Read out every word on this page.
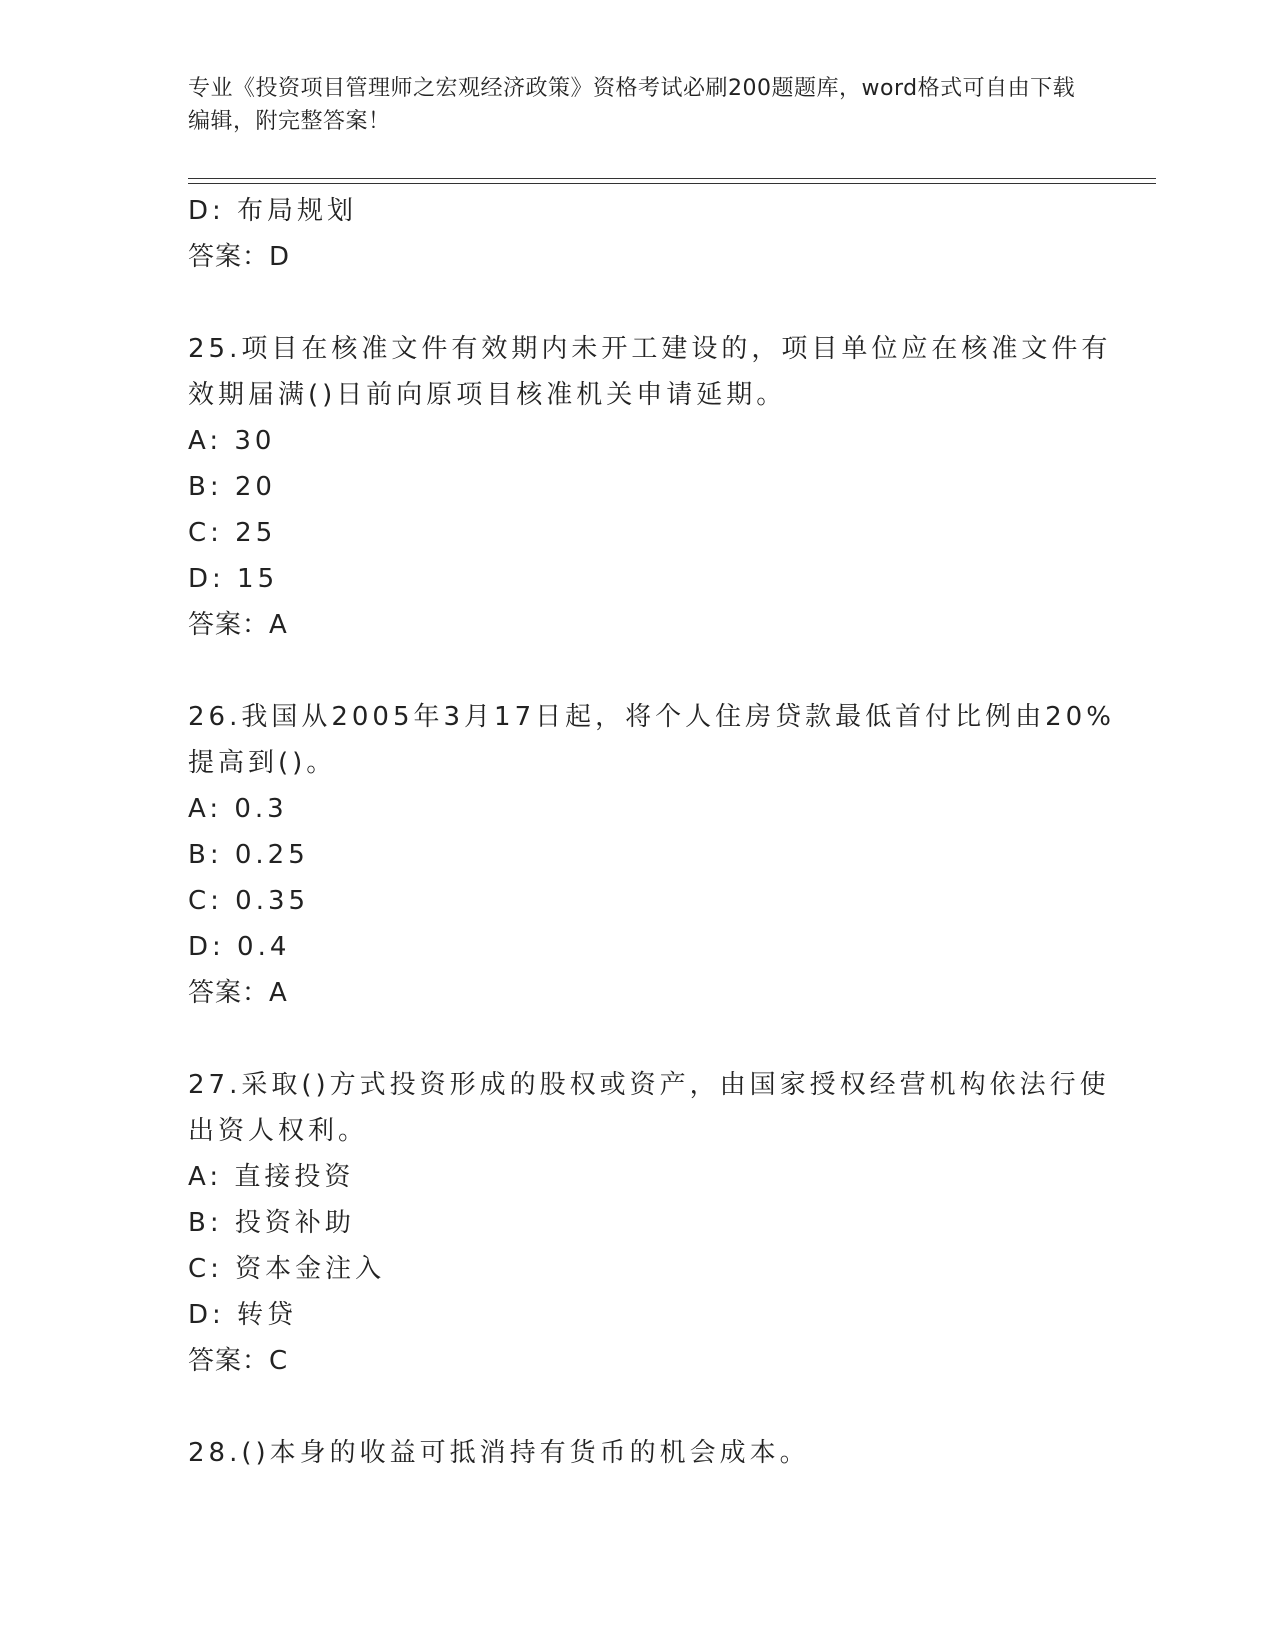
专业《投资项目管理师之宏观经济政策》资格考试必刷200题题库，word格式可自由下载编辑，附完整答案！
D: 布局规划
答案：D
25.项目在核准文件有效期内未开工建设的，项目单位应在核准文件有
效期届满()日前向原项目核准机关申请延期。
A: 30
B: 20
C: 25
D: 15
答案：A
26.我国从2005年3月17日起，将个人住房贷款最低首付比例由20%
提高到()。
A: 0.3
B: 0.25
C: 0.35
D: 0.4
答案：A
27.采取()方式投资形成的股权或资产，由国家授权经营机构依法行使
出资人权利。
A: 直接投资
B: 投资补助
C: 资本金注入
D: 转贷
答案：C
28.()本身的收益可抵消持有货币的机会成本。
